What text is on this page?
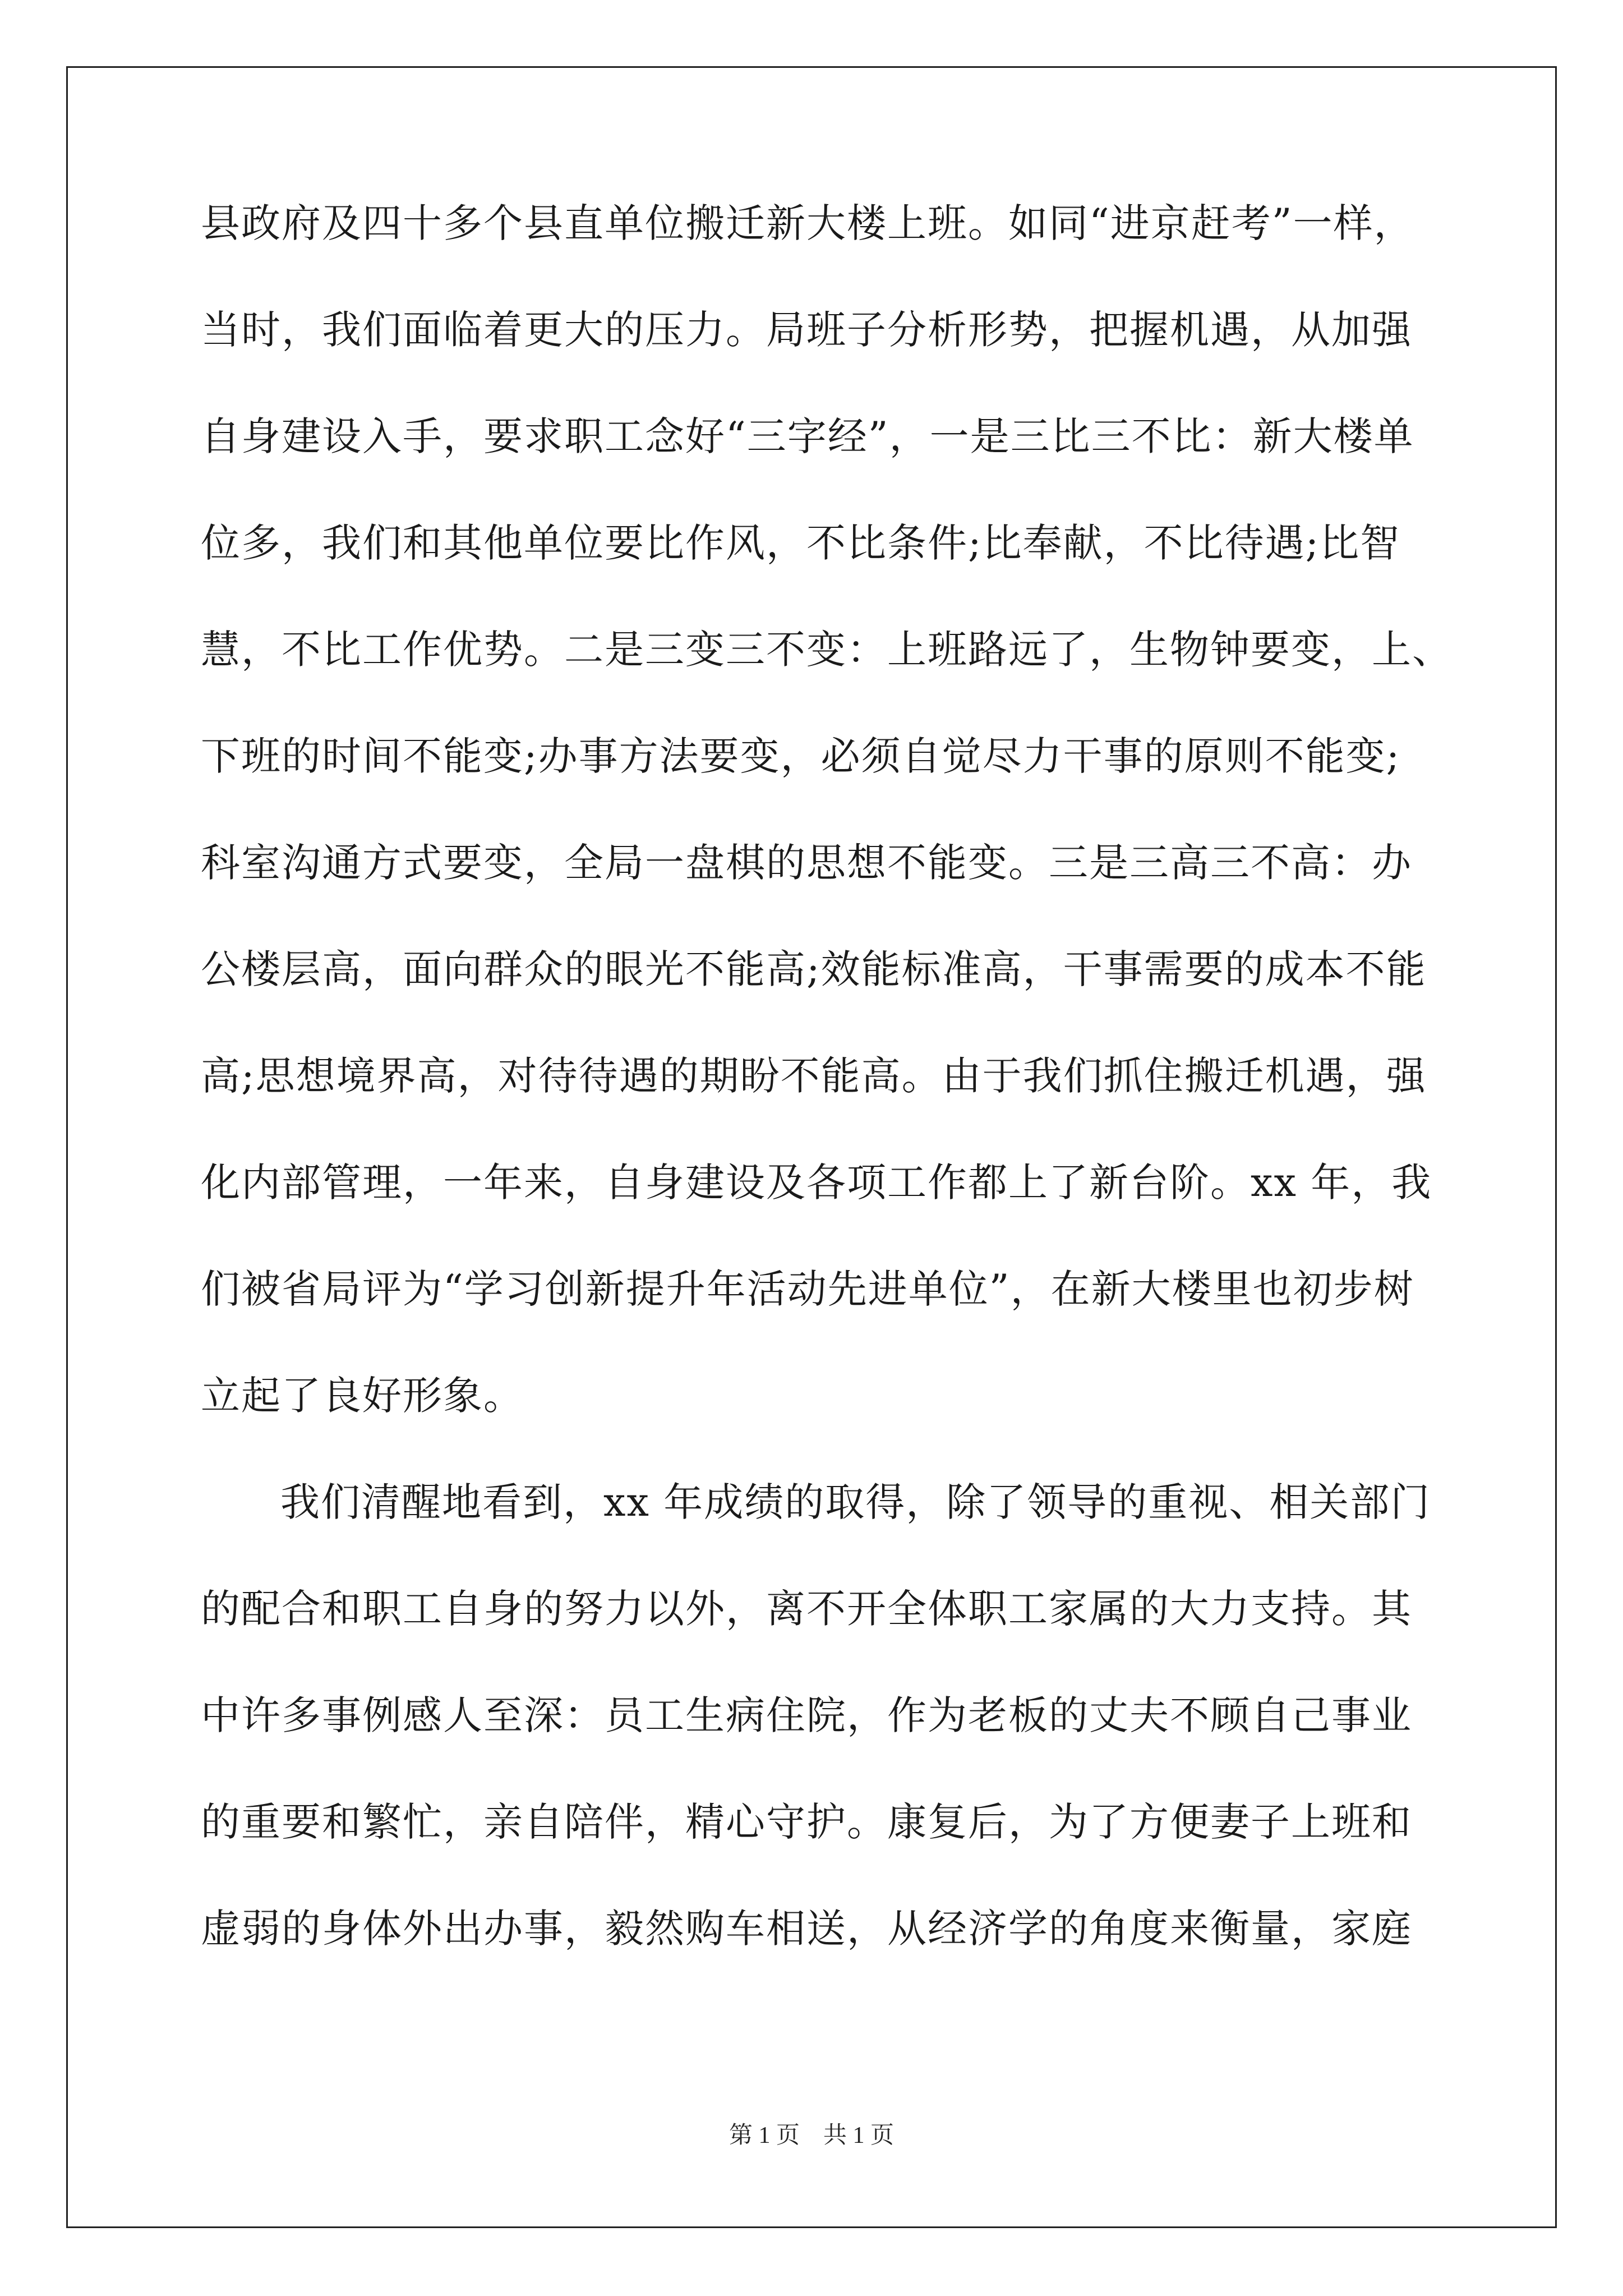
县政府及四十多个县直单位搬迁新大楼上班。如同“进京赶考”一样，
当时，我们面临着更大的压力。局班子分析形势，把握机遇，从加强
自身建设入手，要求职工念好“三字经”，一是三比三不比：新大楼单
位多，我们和其他单位要比作风，不比条件;比奉献，不比待遇;比智
慧，不比工作优势。二是三变三不变：上班路远了，生物钟要变，上、
下班的时间不能变;办事方法要变，必须自觉尽力干事的原则不能变;
科室沟通方式要变，全局一盘棋的思想不能变。三是三高三不高：办
公楼层高，面向群众的眼光不能高;效能标准高，干事需要的成本不能
高;思想境界高，对待待遇的期盼不能高。由于我们抓住搬迁机遇，强
化内部管理，一年来，自身建设及各项工作都上了新台阶。xx 年，我
们被省局评为“学习创新提升年活动先进单位”，在新大楼里也初步树
立起了良好形象。
我们清醒地看到，xx 年成绩的取得，除了领导的重视、相关部门
的配合和职工自身的努力以外，离不开全体职工家属的大力支持。其
中许多事例感人至深：员工生病住院，作为老板的丈夫不顾自己事业
的重要和繁忙，亲自陪伴，精心守护。康复后，为了方便妻子上班和
虚弱的身体外出办事，毅然购车相送，从经济学的角度来衡量，家庭
第 1 页　共 1 页
